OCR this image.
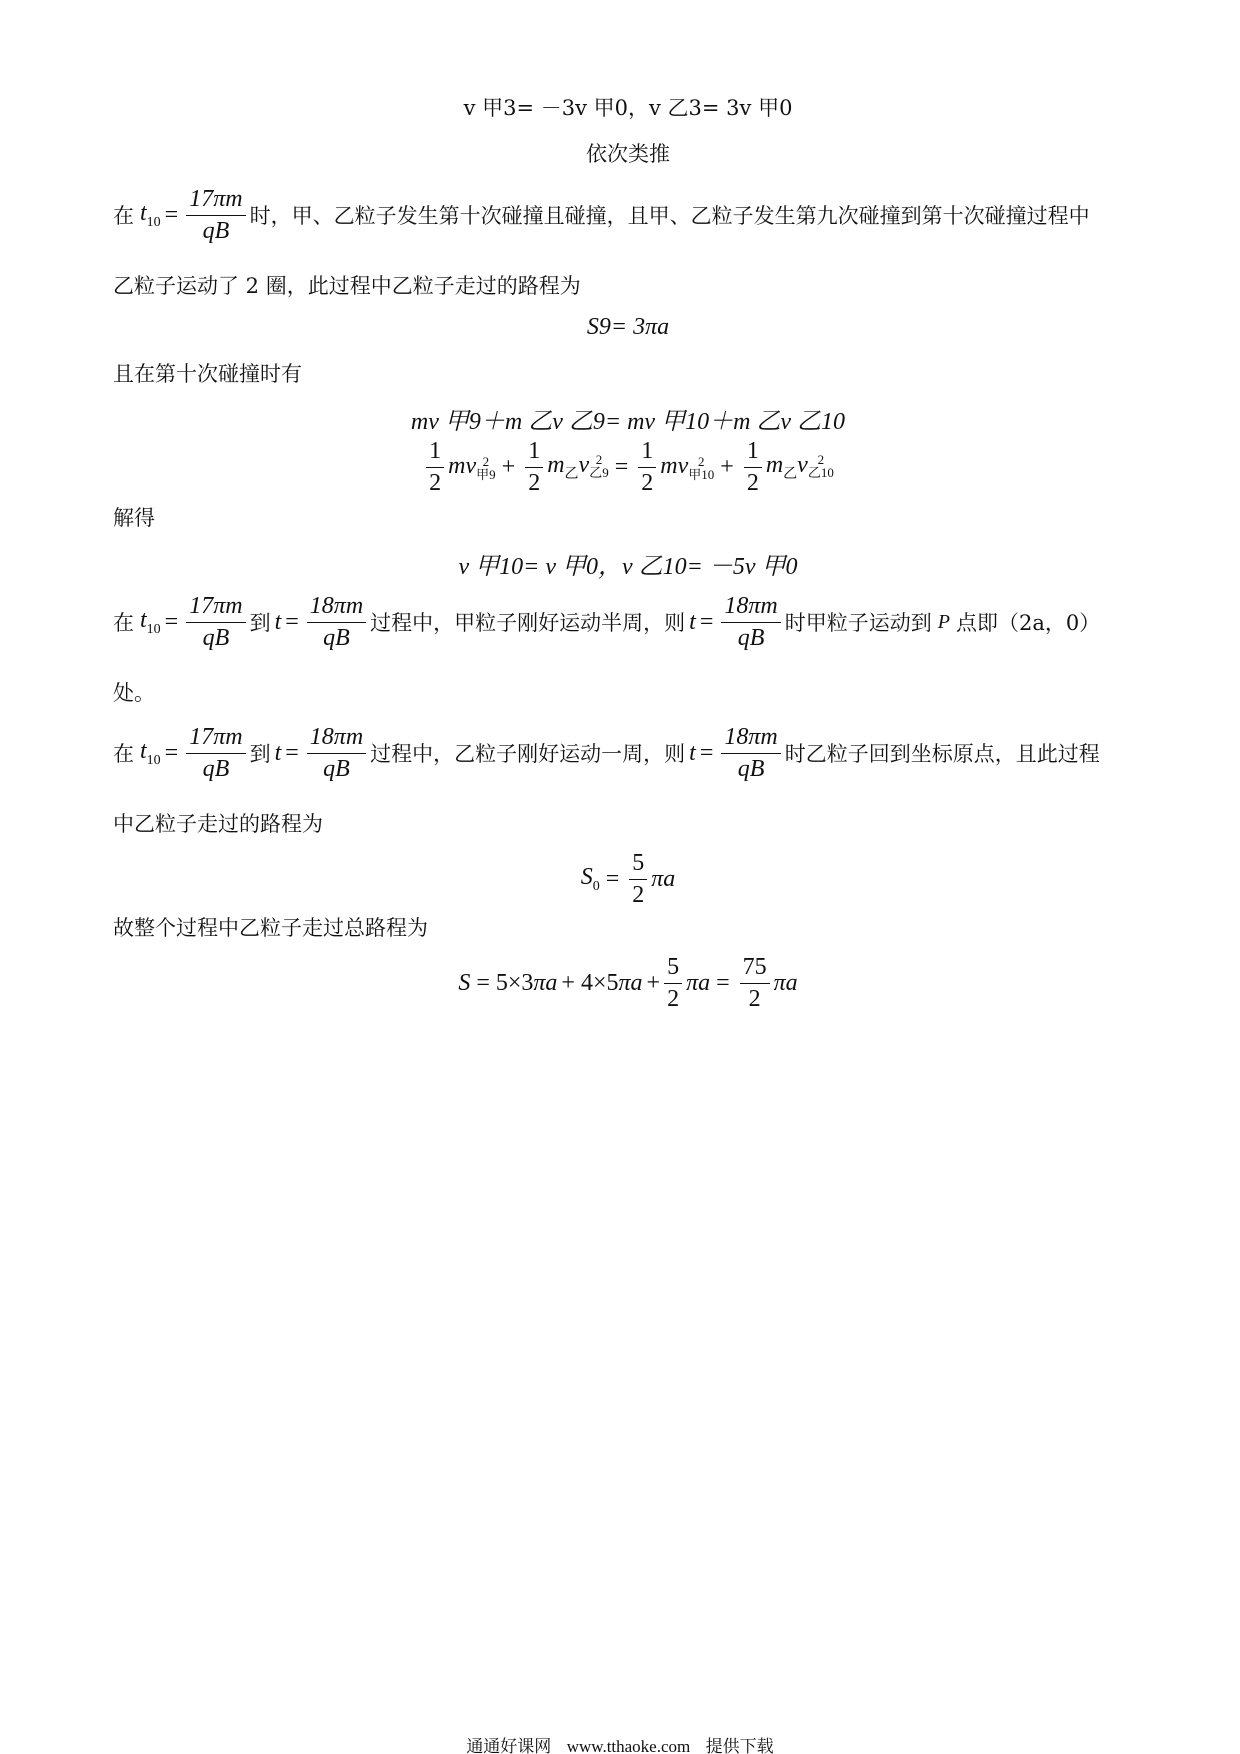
v 甲3= －3v 甲0，v 乙3= 3v 甲0
依次类推
在 $t_{10} = \frac{17\pi m}{qB}$ 时，甲、乙粒子发生第十次碰撞且碰撞，且甲、乙粒子发生第九次碰撞到第十次碰撞过程中
乙粒子运动了 2 圈，此过程中乙粒子走过的路程为
S9= 3πa
且在第十次碰撞时有
mv 甲9＋m 乙v 乙9= mv 甲10＋m 乙v 乙10
$\frac{1}{2}$ mv 2
甲$9 + \frac{1}{2} m_乙v$ 2
乙$9 = \frac{1}{2}$ mv 2
甲$10 + \frac{1}{2} m_乙v$ 2
乙10
解得
v 甲10= v 甲0，v 乙10= －5v 甲0
在 $t_{10} = \frac{17\pi m}{qB}$ 到 $t = \frac{18\pi m}{qB}$ 过程中，甲粒子刚好运动半周，则 $t = \frac{18\pi m}{qB}$ 时甲粒子运动到 P 点即（2a，0）
处。
在 $t_{10} = \frac{17\pi m}{qB}$ 到 $t = \frac{18\pi m}{qB}$ 过程中，乙粒子刚好运动一周，则 $t = \frac{18\pi m}{qB}$ 时乙粒子回到坐标原点，且此过程
中乙粒子走过的路程为
$S_0 = \frac{5}{2}$ πa
故整个过程中乙粒子走过总路程为
S = 5×3 πa + 4×5 $\pi a + \frac{5}{2}$ $\pi a = \frac{75}{2}$ πa
通通好课网 www.tthaoke.com 提供下载
